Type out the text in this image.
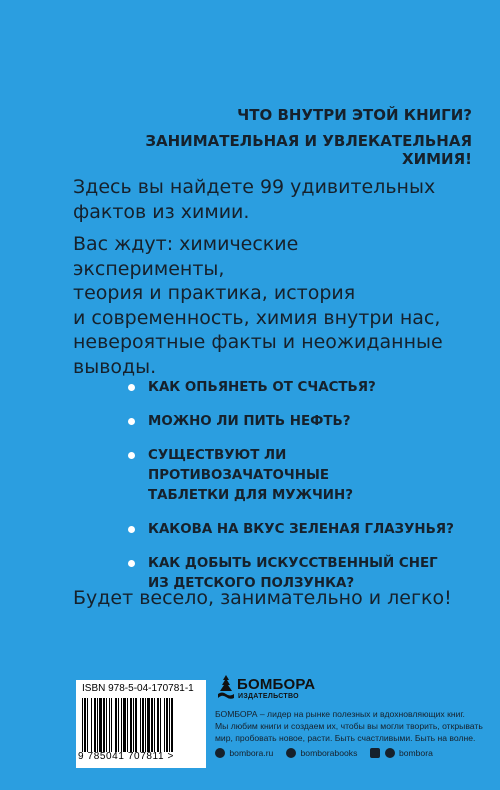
ЧТО ВНУТРИ ЭТОЙ КНИГИ?
ЗАНИМАТЕЛЬНАЯ И УВЛЕКАТЕЛЬНАЯ ХИМИЯ!
Здесь вы найдете 99 удивительных
фактов из химии.
Вас ждут: химические эксперименты,
теория и практика, история
и современность, химия внутри нас,
невероятные факты и неожиданные
выводы.
КАК ОПЬЯНЕТЬ ОТ СЧАСТЬЯ?
МОЖНО ЛИ ПИТЬ НЕФТЬ?
СУЩЕСТВУЮТ ЛИ ПРОТИВОЗАЧАТОЧНЫЕ
ТАБЛЕТКИ ДЛЯ МУЖЧИН?
КАКОВА НА ВКУС ЗЕЛЕНАЯ ГЛАЗУНЬЯ?
КАК ДОБЫТЬ ИСКУССТВЕННЫЙ СНЕГ
ИЗ ДЕТСКОГО ПОЛЗУНКА?
Будет весело, занимательно и легко!
ISBN 978-5-04-170781-1
9 785041 707811 >
БОМБОРА
ИЗДАТЕЛЬСТВО
БОМБОРА – лидер на рынке полезных и вдохновляющих книг.
Мы любим книги и создаем их, чтобы вы могли творить, открывать
мир, пробовать новое, расти. Быть счастливыми. Быть на волне.
bombora.ru	bomborabooks	bombora
